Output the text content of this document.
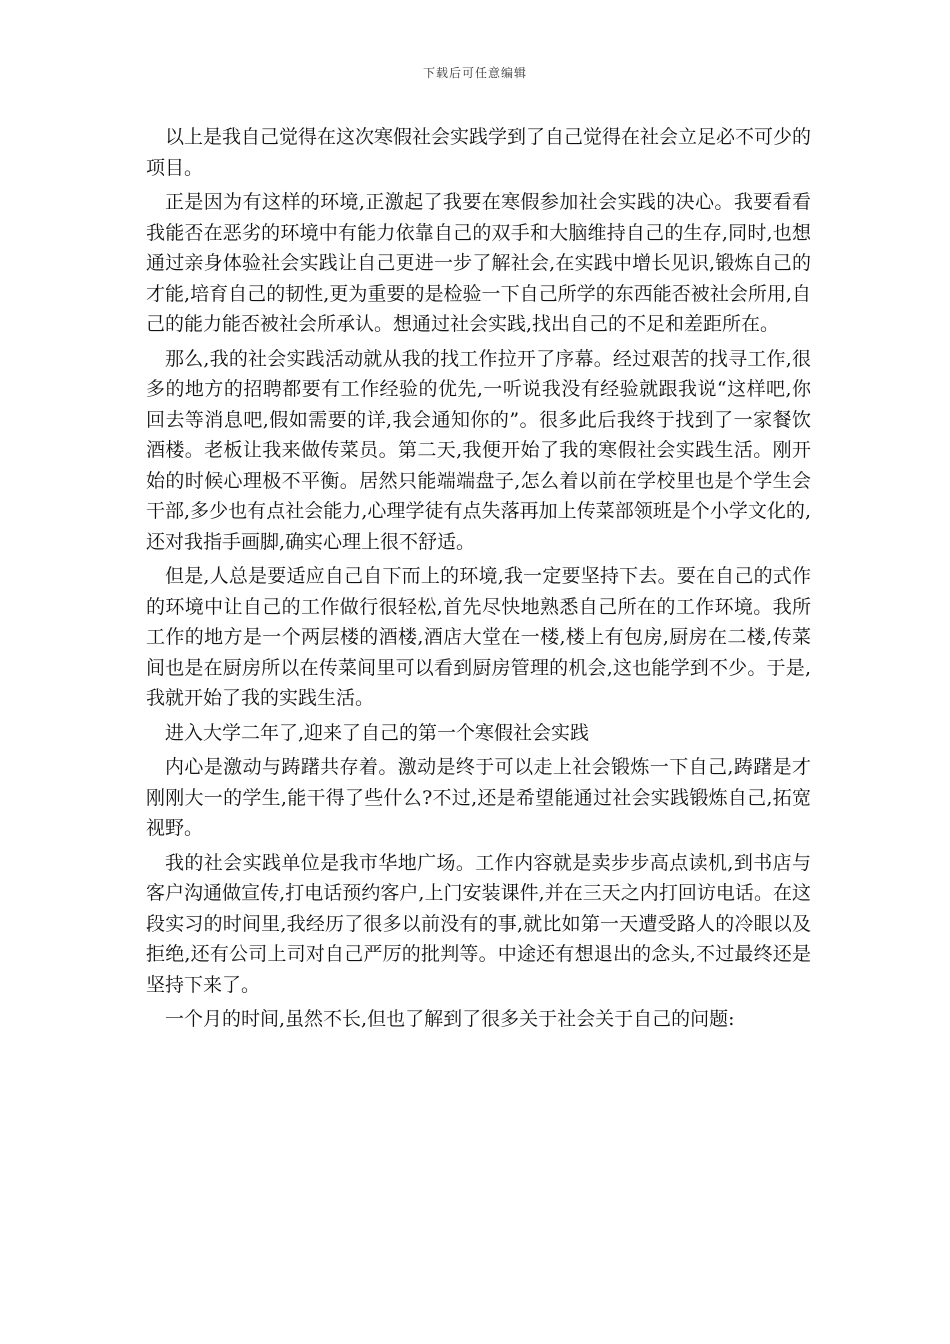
下载后可任意编辑

以上是我自己觉得在这次寒假社会实践学到了自己觉得在社会立足必不可少的项目。

正是因为有这样的环境,正激起了我要在寒假参加社会实践的决心。我要看看我能否在恶劣的环境中有能力依靠自己的双手和大脑维持自己的生存,同时,也想通过亲身体验社会实践让自己更进一步了解社会,在实践中增长见识,锻炼自己的才能,培育自己的韧性,更为重要的是检验一下自己所学的东西能否被社会所用,自己的能力能否被社会所承认。想通过社会实践,找出自己的不足和差距所在。

那么,我的社会实践活动就从我的找工作拉开了序幕。经过艰苦的找寻工作,很多的地方的招聘都要有工作经验的优先,一听说我没有经验就跟我说“这样吧,你回去等消息吧,假如需要的详,我会通知你的”。很多此后我终于找到了一家餐饮酒楼。老板让我来做传菜员。第二天,我便开始了我的寒假社会实践生活。刚开始的时候心理极不平衡。居然只能端端盘子,怎么着以前在学校里也是个学生会干部,多少也有点社会能力,心理学徒有点失落再加上传菜部领班是个小学文化的,还对我指手画脚,确实心理上很不舒适。

但是,人总是要适应自己自下而上的环境,我一定要坚持下去。要在自己的式作的环境中让自己的工作做行很轻松,首先尽快地熟悉自己所在的工作环境。我所工作的地方是一个两层楼的酒楼,酒店大堂在一楼,楼上有包房,厨房在二楼,传菜间也是在厨房所以在传菜间里可以看到厨房管理的机会,这也能学到不少。于是,我就开始了我的实践生活。

进入大学二年了,迎来了自己的第一个寒假社会实践

内心是激动与踌躇共存着。激动是终于可以走上社会锻炼一下自己,踌躇是才刚刚大一的学生,能干得了些什么?不过,还是希望能通过社会实践锻炼自己,拓宽视野。

我的社会实践单位是我市华地广场。工作内容就是卖步步高点读机,到书店与客户沟通做宣传,打电话预约客户,上门安装课件,并在三天之内打回访电话。在这段实习的时间里,我经历了很多以前没有的事,就比如第一天遭受路人的冷眼以及拒绝,还有公司上司对自己严厉的批判等。中途还有想退出的念头,不过最终还是坚持下来了。

一个月的时间,虽然不长,但也了解到了很多关于社会关于自己的问题:
